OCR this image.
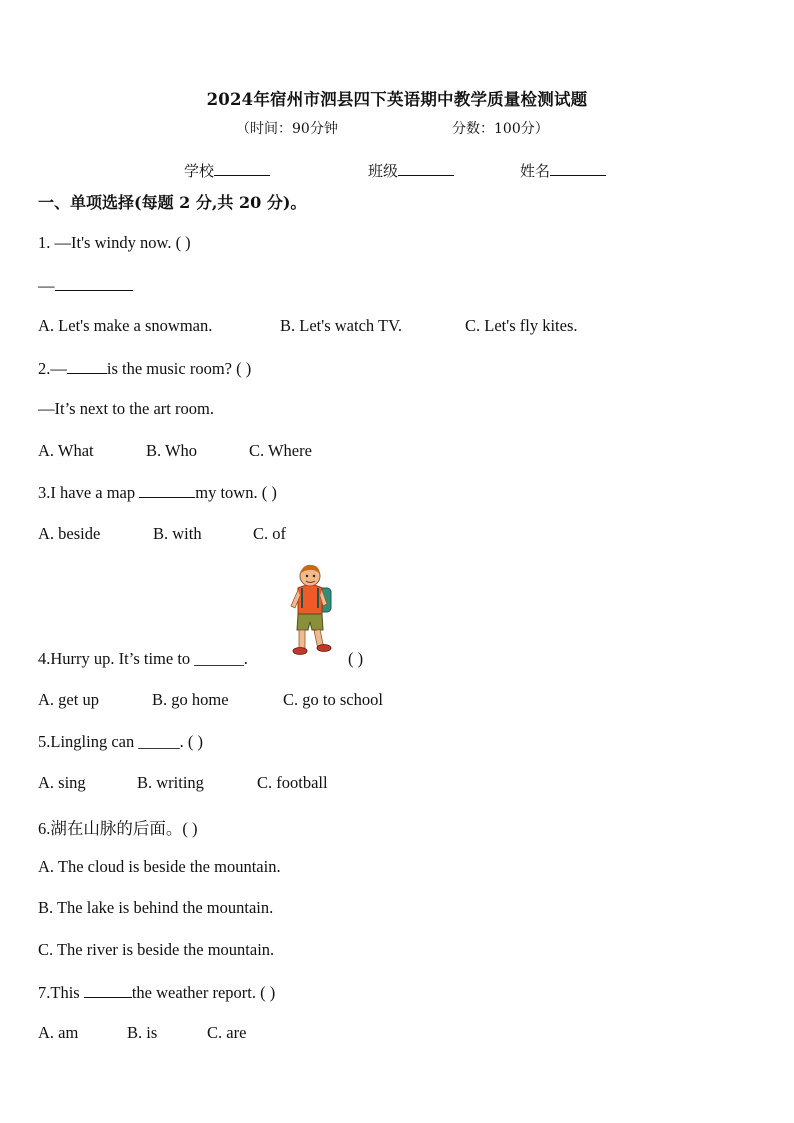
2024年宿州市泗县四下英语期中教学质量检测试题
（时间：90分钟	分数：100分）
学校	班级	姓名
一、单项选择(每题 2 分,共 20 分)。
1. —It's windy now. ( )
—
A. Let's make a snowman.	B. Let's watch TV.	C. Let's fly kites.
2.— is the music room? ( )
—It’s next to the art room.
A. What	B. Who	C. Where
3.I have a map	my town. ( )
A. beside	B. with	C. of
4.Hurry up. It’s time to ______.	( )
A. get up	B. go home	C. go to school
5.Lingling can _____. ( )
A. sing	B. writing	C. football
6.湖在山脉的后面。( )
A. The cloud is beside the mountain.
B. The lake is behind the mountain.
C. The river is beside the mountain.
7.This	the weather report. ( )
A. am	B. is	C. are
